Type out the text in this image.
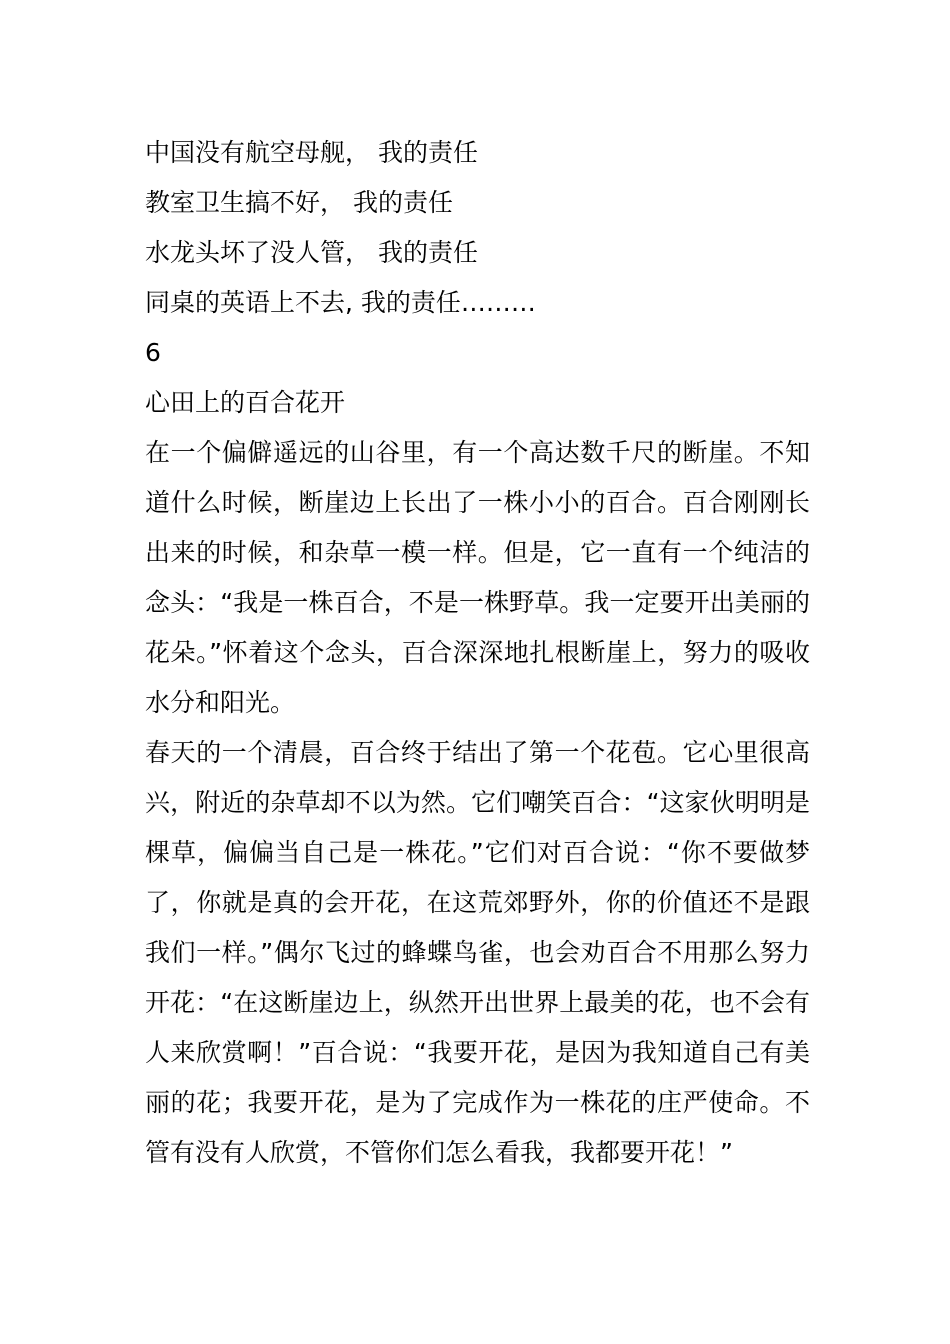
中国没有航空母舰， 我的责任
教室卫生搞不好， 我的责任
水龙头坏了没人管， 我的责任
同桌的英语上不去, 我的责任………
6
心田上的百合花开

在一个偏僻遥远的山谷里，有一个高达数千尺的断崖。不知道什么时候，断崖边上长出了一株小小的百合。百合刚刚长出来的时候，和杂草一模一样。但是，它一直有一个纯洁的念头：“我是一株百合，不是一株野草。我一定要开出美丽的花朵。”怀着这个念头，百合深深地扎根断崖上，努力的吸收水分和阳光。

春天的一个清晨，百合终于结出了第一个花苞。它心里很高兴，附近的杂草却不以为然。它们嘲笑百合：“这家伙明明是棵草，偏偏当自己是一株花。”它们对百合说：“你不要做梦了，你就是真的会开花，在这荒郊野外，你的价值还不是跟我们一样。”偶尔飞过的蜂蝶鸟雀，也会劝百合不用那么努力开花：“在这断崖边上，纵然开出世界上最美的花，也不会有人来欣赏啊！”百合说：“我要开花，是因为我知道自己有美丽的花；我要开花，是为了完成作为一株花的庄严使命。不管有没有人欣赏，不管你们怎么看我，我都要开花！”
